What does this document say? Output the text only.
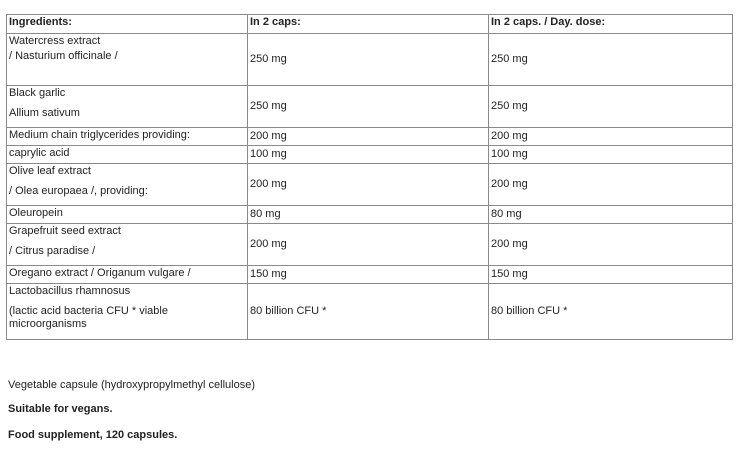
Ingredients:	In 2 caps:	In 2 caps. / Day. dose:

Watercress extract
/ Nasturium officinale /	250 mg	250 mg

Black garlic
Allium sativum	250 mg	250 mg

Medium chain triglycerides providing:	200 mg	200 mg

caprylic acid	100 mg	100 mg

Olive leaf extract
/ Olea europaea /, providing:	200 mg	200 mg

Oleuropein	80 mg	80 mg

Grapefruit seed extract
/ Citrus paradise /	200 mg	200 mg

Oregano extract / Origanum vulgare /	150 mg	150 mg

Lactobacillus rhamnosus
(lactic acid bacteria CFU * viable
microorganisms	80 billion CFU *	80 billion CFU *
Vegetable capsule (hydroxypropylmethyl cellulose)
Suitable for vegans.
Food supplement, 120 capsules.
